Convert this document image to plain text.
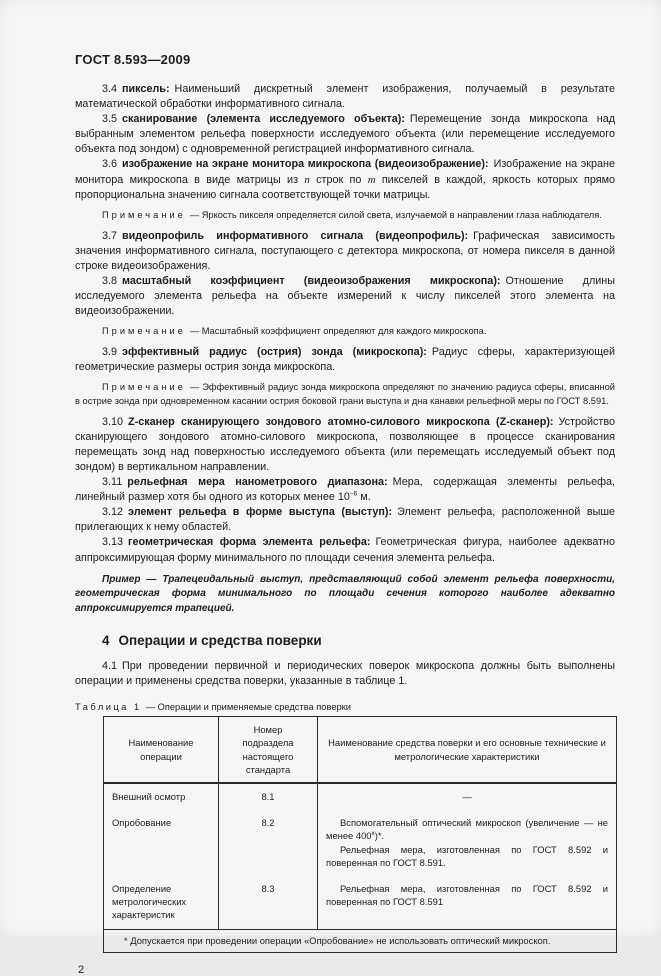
ГОСТ 8.593—2009

3.4 пиксель: Наименьший дискретный элемент изображения, получаемый в результате математической обработки информативного сигнала.

3.5 сканирование (элемента исследуемого объекта): Перемещение зонда микроскопа над выбранным элементом рельефа поверхности исследуемого объекта (или перемещение исследуемого объекта под зондом) с одновременной регистрацией информативного сигнала.

3.6 изображение на экране монитора микроскопа (видеоизображение): Изображение на экране монитора микроскопа в виде матрицы из n строк по m пикселей в каждой, яркость которых прямо пропорциональна значению сигнала соответствующей точки матрицы.

Примечание — Яркость пикселя определяется силой света, излучаемой в направлении глаза наблюдателя.

3.7 видеопрофиль информативного сигнала (видеопрофиль): Графическая зависимость значения информативного сигнала, поступающего с детектора микроскопа, от номера пикселя в данной строке видеоизображения.

3.8 масштабный коэффициент (видеоизображения микроскопа): Отношение длины исследуемого элемента рельефа на объекте измерений к числу пикселей этого элемента на видеоизображении.

Примечание — Масштабный коэффициент определяют для каждого микроскопа.

3.9 эффективный радиус (острия) зонда (микроскопа): Радиус сферы, характеризующей геометрические размеры острия зонда микроскопа.

Примечание — Эффективный радиус зонда микроскопа определяют по значению радиуса сферы, вписанной в острие зонда при одновременном касании острия боковой грани выступа и дна канавки рельефной меры по ГОСТ 8.591.

3.10 Z-сканер сканирующего зондового атомно-силового микроскопа (Z-сканер): Устройство сканирующего зондового атомно-силового микроскопа, позволяющее в процессе сканирования перемещать зонд над поверхностью исследуемого объекта (или перемещать исследуемый объект под зондом) в вертикальном направлении.

3.11 рельефная мера нанометрового диапазона: Мера, содержащая элементы рельефа, линейный размер хотя бы одного из которых менее $10^{-6}$ м.

3.12 элемент рельефа в форме выступа (выступ): Элемент рельефа, расположенной выше прилегающих к нему областей.

3.13 геометрическая форма элемента рельефа: Геометрическая фигура, наиболее адекватно аппроксимирующая форму минимального по площади сечения элемента рельефа.

Пример — Трапецеидальный выступ, представляющий собой элемент рельефа поверхности, геометрическая форма минимального по площади сечения которого наиболее адекватно аппроксимируется трапецией.

4 Операции и средства поверки

4.1 При проведении первичной и периодических поверок микроскопа должны быть выполнены операции и применены средства поверки, указанные в таблице 1.

Таблица 1 — Операции и применяемые средства поверки
Наименование операции	Номер подраздела настоящего стандарта	Наименование средства поверки и его основные технические и метрологические характеристики
Внешний осмотр	8.1	—
Опробование	8.2	Вспомогательный оптический микроскоп (увеличение — не менее $400^х)*$.

Рельефная мера, изготовленная по ГОСТ 8.592 и поверенная по ГОСТ 8.591.

Определение метрологических характеристик	8.3	Рельефная мера, изготовленная по ГОСТ 8.592 и поверенная по ГОСТ 8.591

* Допускается при проведении операции «Опробование» не использовать оптический микроскоп.		
2
